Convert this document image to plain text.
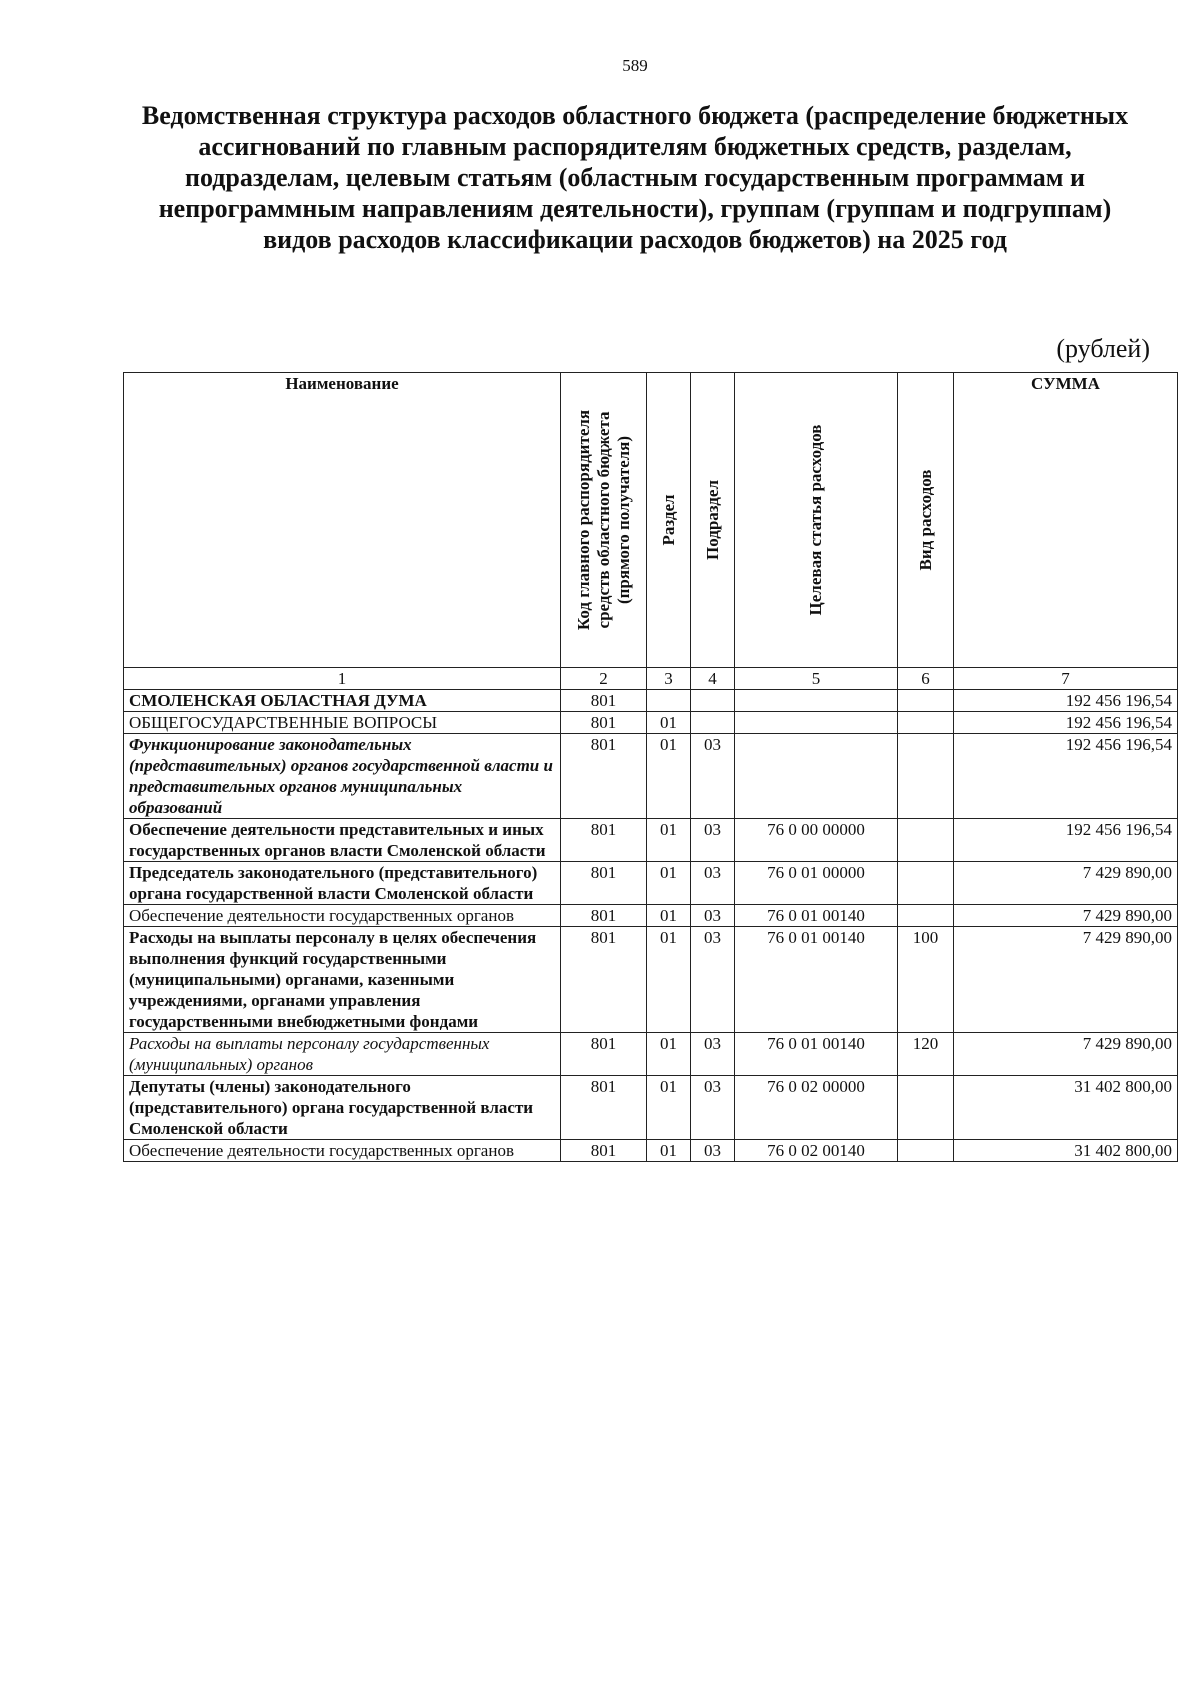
589
Ведомственная структура расходов областного бюджета (распределение бюджетных ассигнований по главным распорядителям бюджетных средств, разделам, подразделам, целевым статьям (областным государственным программам и непрограммным направлениям деятельности), группам (группам и подгруппам) видов расходов классификации расходов бюджетов) на 2025 год
(рублей)
Наименование	Код главного распорядителя средств областного бюджета (прямого получателя)	Раздел	Подраздел	Целевая статья расходов	Вид расходов	СУММА
1	2	3	4	5	6	7
СМОЛЕНСКАЯ ОБЛАСТНАЯ ДУМА	801					192 456 196,54
ОБЩЕГОСУДАРСТВЕННЫЕ ВОПРОСЫ	801	01				192 456 196,54
Функционирование законодательных (представительных) органов государственной власти и представительных органов муниципальных образований	801	01	03			192 456 196,54
Обеспечение деятельности представительных и иных государственных органов власти Смоленской области	801	01	03	76 0 00 00000		192 456 196,54
Председатель законодательного (представительного) органа государственной власти Смоленской области	801	01	03	76 0 01 00000		7 429 890,00
Обеспечение деятельности государственных органов	801	01	03	76 0 01 00140		7 429 890,00
Расходы на выплаты персоналу в целях обеспечения выполнения функций государственными (муниципальными) органами, казенными учреждениями, органами управления государственными внебюджетными фондами	801	01	03	76 0 01 00140	100	7 429 890,00
Расходы на выплаты персоналу государственных (муниципальных) органов	801	01	03	76 0 01 00140	120	7 429 890,00
Депутаты (члены) законодательного (представительного) органа государственной власти Смоленской области	801	01	03	76 0 02 00000		31 402 800,00
Обеспечение деятельности государственных органов	801	01	03	76 0 02 00140		31 402 800,00
